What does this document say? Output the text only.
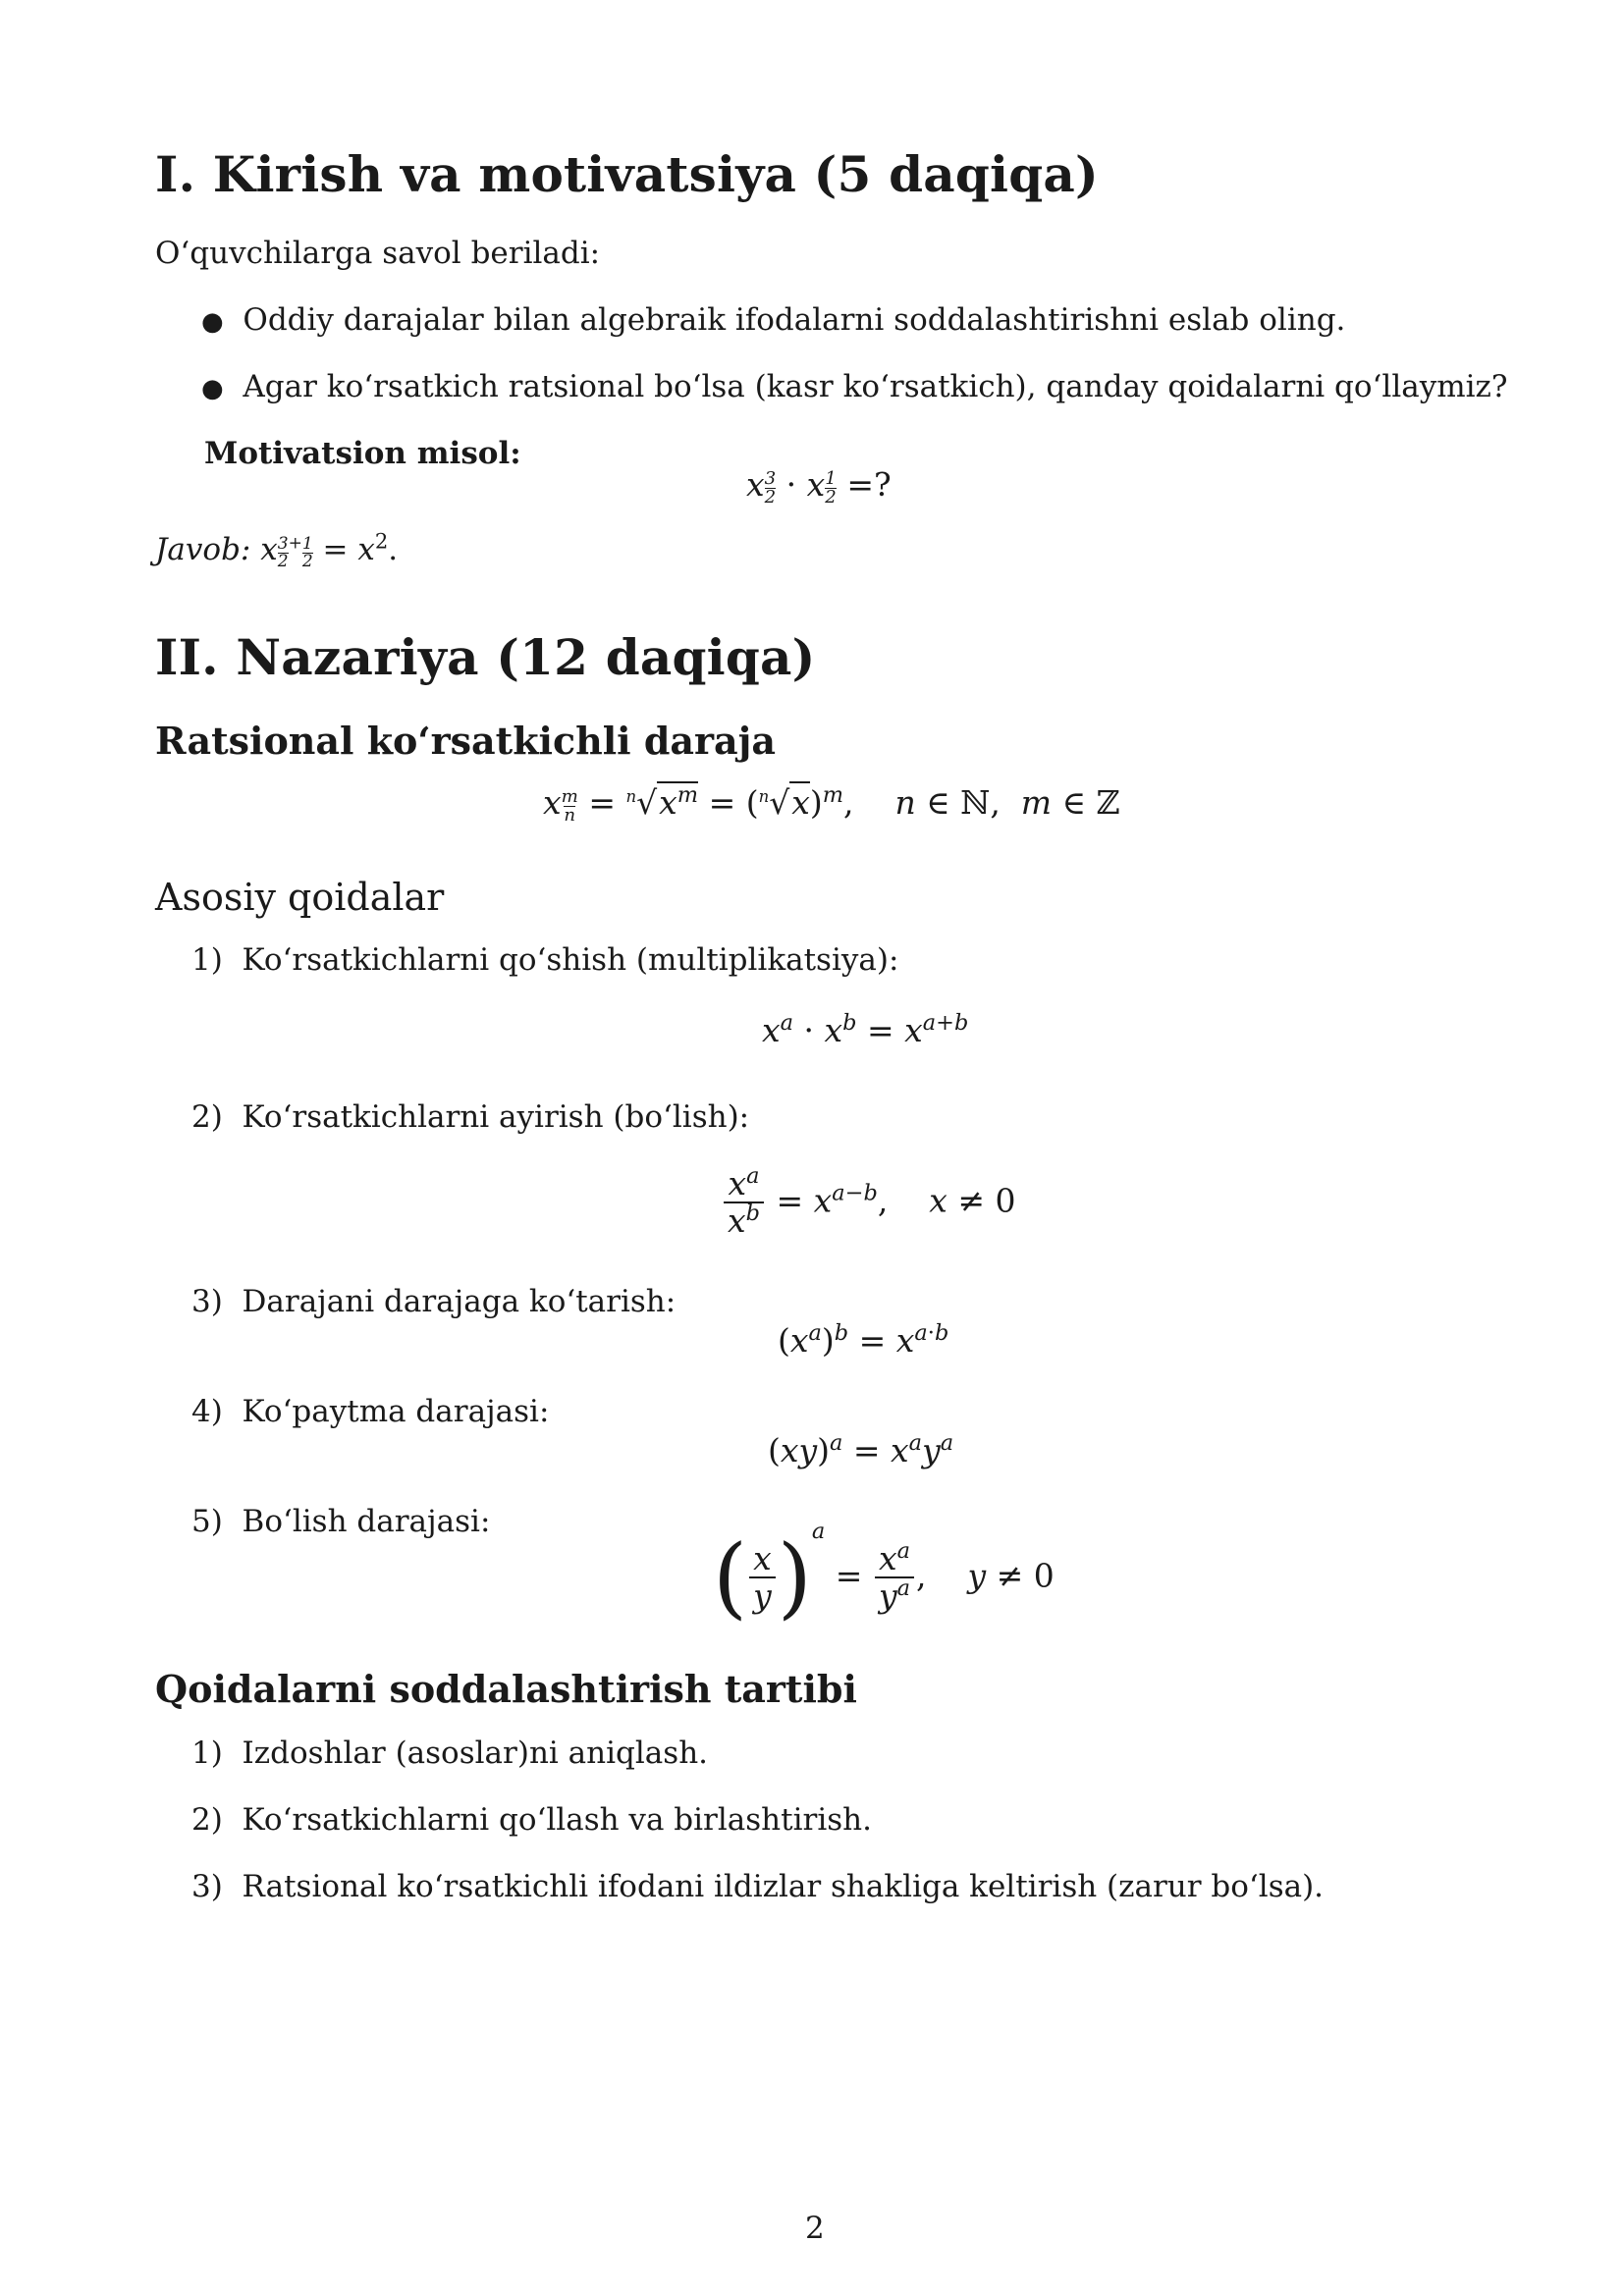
I. Kirish va motivatsiya (5 daqiqa)
O‘quvchilarga savol beriladi:
● Oddiy darajalar bilan algebraik ifodalarni soddalashtirishni eslab oling.
● Agar ko‘rsatkich ratsional bo‘lsa (kasr ko‘rsatkich), qanday qoidalarni qo‘llaymiz?
Motivatsion misol:
x $\frac{3}{2} \cdot x \frac{1}{2}$ =?
Javob: x $\frac{3}{2} ^+ \frac{1}{2} = x^2$.
II. Nazariya (12 daqiqa)
Ratsional ko‘rsatkichli daraja
x $\frac{m}{n} = ^n√x^m = (^n√x)^m$,    n ∈ ℕ,  m ∈ ℤ
Asosiy qoidalar
1) Ko‘rsatkichlarni qo‘shish (multiplikatsiya):
$x^a \cdot x^b = x^{a+b}$
2) Ko‘rsatkichlarni ayirish (bo‘lish):
$\frac{x^a}{x^b} = x^{a-b}$,    x ≠ 0
3) Darajani darajaga ko‘tarish:
$(x^a)^b = x^{a\cdot b}$
4) Ko‘paytma darajasi:
$(xy)^a = x^ay^a$
5) Bo‘lish darajasi:
( $\frac{x}{y} )^a = \frac{x^a}{y^a}$ ,    y ≠ 0
Qoidalarni soddalashtirish tartibi
1) Izdoshlar (asoslar)ni aniqlash.
2) Ko‘rsatkichlarni qo‘llash va birlashtirish.
3) Ratsional ko‘rsatkichli ifodani ildizlar shakliga keltirish (zarur bo‘lsa).
2
